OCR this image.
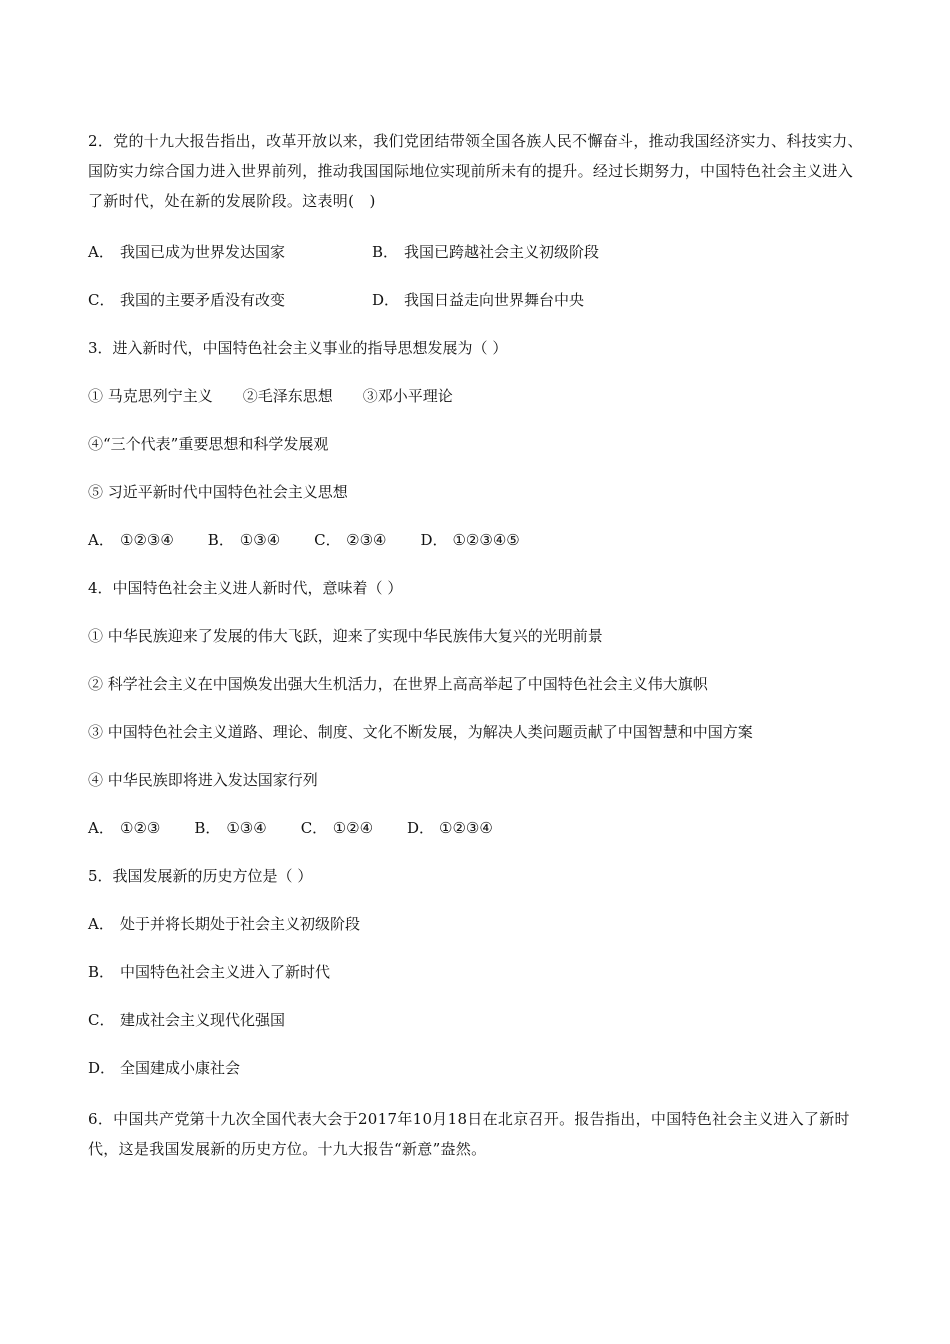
2．党的十九大报告指出，改革开放以来，我们党团结带领全国各族人民不懈奋斗，推动我国经济实力、科技实力、国防实力综合国力进入世界前列，推动我国国际地位实现前所未有的提升。经过长期努力，中国特色社会主义进入了新时代，处在新的发展阶段。这表明(　)

A． 我国已成为世界发达国家	B． 我国已跨越社会主义初级阶段
C． 我国的主要矛盾没有改变	D． 我国日益走向世界舞台中央

3．进入新时代，中国特色社会主义事业的指导思想发展为（ ）

① 马克思列宁主义　　②毛泽东思想　　③邓小平理论

④“三个代表”重要思想和科学发展观

⑤ 习近平新时代中国特色社会主义思想

A． ①②③④ B． ①③④ C． ②③④ D． ①②③④⑤

4．中国特色社会主义进人新时代，意味着（ ）

① 中华民族迎来了发展的伟大飞跃，迎来了实现中华民族伟大复兴的光明前景

② 科学社会主义在中国焕发出强大生机活力，在世界上高高举起了中国特色社会主义伟大旗帜

③ 中国特色社会主义道路、理论、制度、文化不断发展，为解决人类问题贡献了中国智慧和中国方案

④ 中华民族即将进入发达国家行列

A． ①②③ B． ①③④ C． ①②④ D． ①②③④

5．我国发展新的历史方位是（ ）

A． 处于并将长期处于社会主义初级阶段
B． 中国特色社会主义进入了新时代
C． 建成社会主义现代化强国
D． 全国建成小康社会

6．中国共产党第十九次全国代表大会于2017年10月18日在北京召开。报告指出，中国特色社会主义进入了新时代，这是我国发展新的历史方位。十九大报告“新意”盎然。
